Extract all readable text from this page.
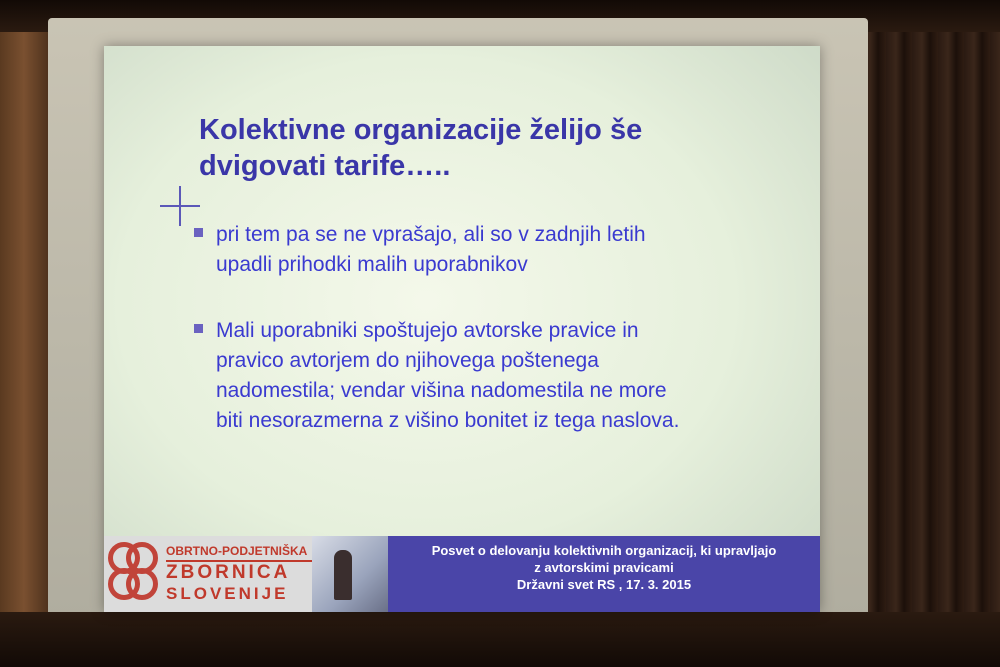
Kolektivne organizacije želijo še
dvigovati tarife…..
pri tem pa se ne vprašajo, ali so v zadnjih letih
upadli prihodki malih uporabnikov
Mali uporabniki spoštujejo avtorske pravice in
pravico avtorjem do njihovega poštenega
nadomestila; vendar višina nadomestila ne more
biti nesorazmerna z višino bonitet iz tega naslova.
OBRTNO-PODJETNIŠKA
ZBORNICA
SLOVENIJE
Posvet o delovanju kolektivnih organizacij, ki upravljajo
z avtorskimi pravicami
Državni svet RS , 17. 3. 2015
